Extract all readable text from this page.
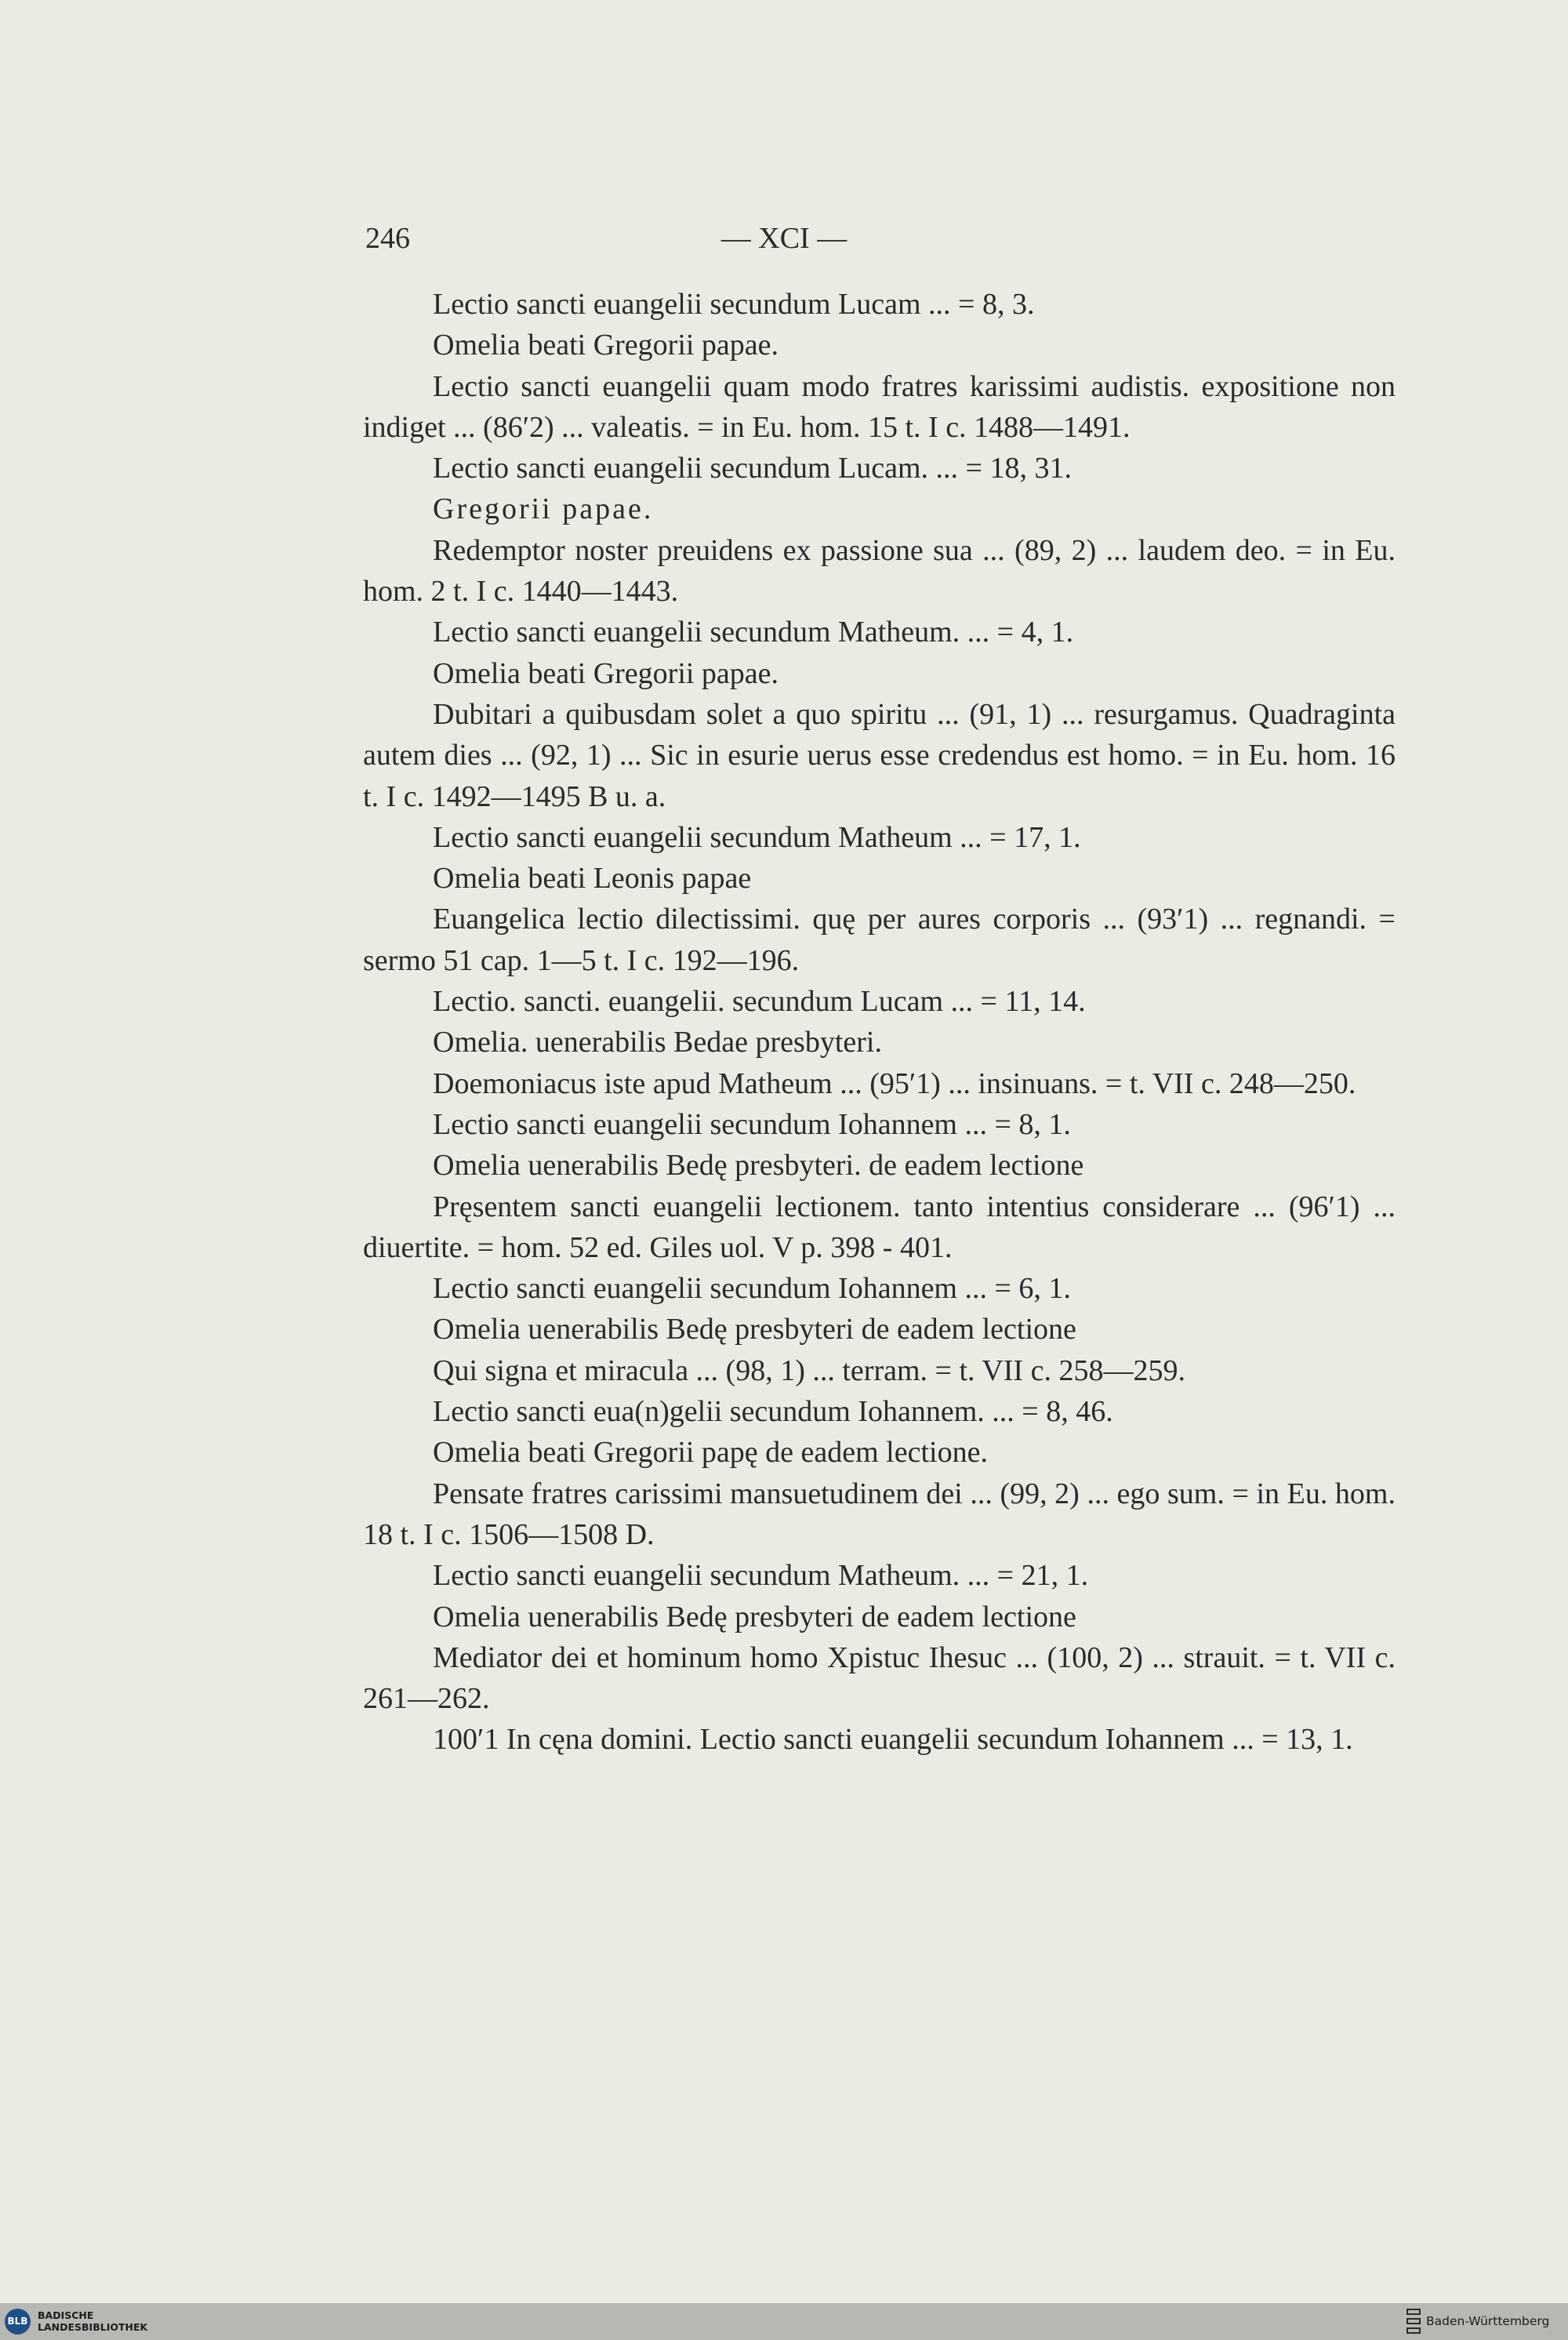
246	— XCI —

Lectio sancti euangelii secundum Lucam ... = 8, 3.

Omelia beati Gregorii papae.

Lectio sancti euangelii quam modo fratres karissimi audistis. expositione non indiget ... (86′2) ... valeatis. = in Eu. hom. 15 t. I c. 1488—1491.

Lectio sancti euangelii secundum Lucam. ... = 18, 31.

Gregorii papae.

Redemptor noster preuidens ex passione sua ... (89, 2) ... laudem deo. = in Eu. hom. 2 t. I c. 1440—1443.

Lectio sancti euangelii secundum Matheum. ... = 4, 1.

Omelia beati Gregorii papae.

Dubitari a quibusdam solet a quo spiritu ... (91, 1) ... resurgamus. Quadraginta autem dies ... (92, 1) ... Sic in esurie uerus esse credendus est homo. = in Eu. hom. 16 t. I c. 1492—1495 B u. a.

Lectio sancti euangelii secundum Matheum ... = 17, 1.

Omelia beati Leonis papae

Euangelica lectio dilectissimi. quę per aures corporis ... (93′1) ... regnandi. = sermo 51 cap. 1—5 t. I c. 192—196.

Lectio. sancti. euangelii. secundum Lucam ... = 11, 14.

Omelia. uenerabilis Bedae presbyteri.

Doemoniacus iste apud Matheum ... (95′1) ... insinuans. = t. VII c. 248—250.

Lectio sancti euangelii secundum Iohannem ... = 8, 1.

Omelia uenerabilis Bedę presbyteri. de eadem lectione

Pręsentem sancti euangelii lectionem. tanto intentius considerare ... (96′1) ... diuertite. = hom. 52 ed. Giles uol. V p. 398 - 401.

Lectio sancti euangelii secundum Iohannem ... = 6, 1.

Omelia uenerabilis Bedę presbyteri de eadem lectione

Qui signa et miracula ... (98, 1) ... terram. = t. VII c. 258—259.

Lectio sancti eua(n)gelii secundum Iohannem. ... = 8, 46.

Omelia beati Gregorii papę de eadem lectione.

Pensate fratres carissimi mansuetudinem dei ... (99, 2) ... ego sum. = in Eu. hom. 18 t. I c. 1506—1508 D.

Lectio sancti euangelii secundum Matheum. ... = 21, 1.

Omelia uenerabilis Bedę presbyteri de eadem lectione

Mediator dei et hominum homo Xpistuc Ihesuc ... (100, 2) ... strauit. = t. VII c. 261—262.

100′1 In cęna domini. Lectio sancti euangelii secundum Iohannem ... = 13, 1.

BLB BADISCHE
LANDESBIBLIOTHEK	Baden-Württemberg
